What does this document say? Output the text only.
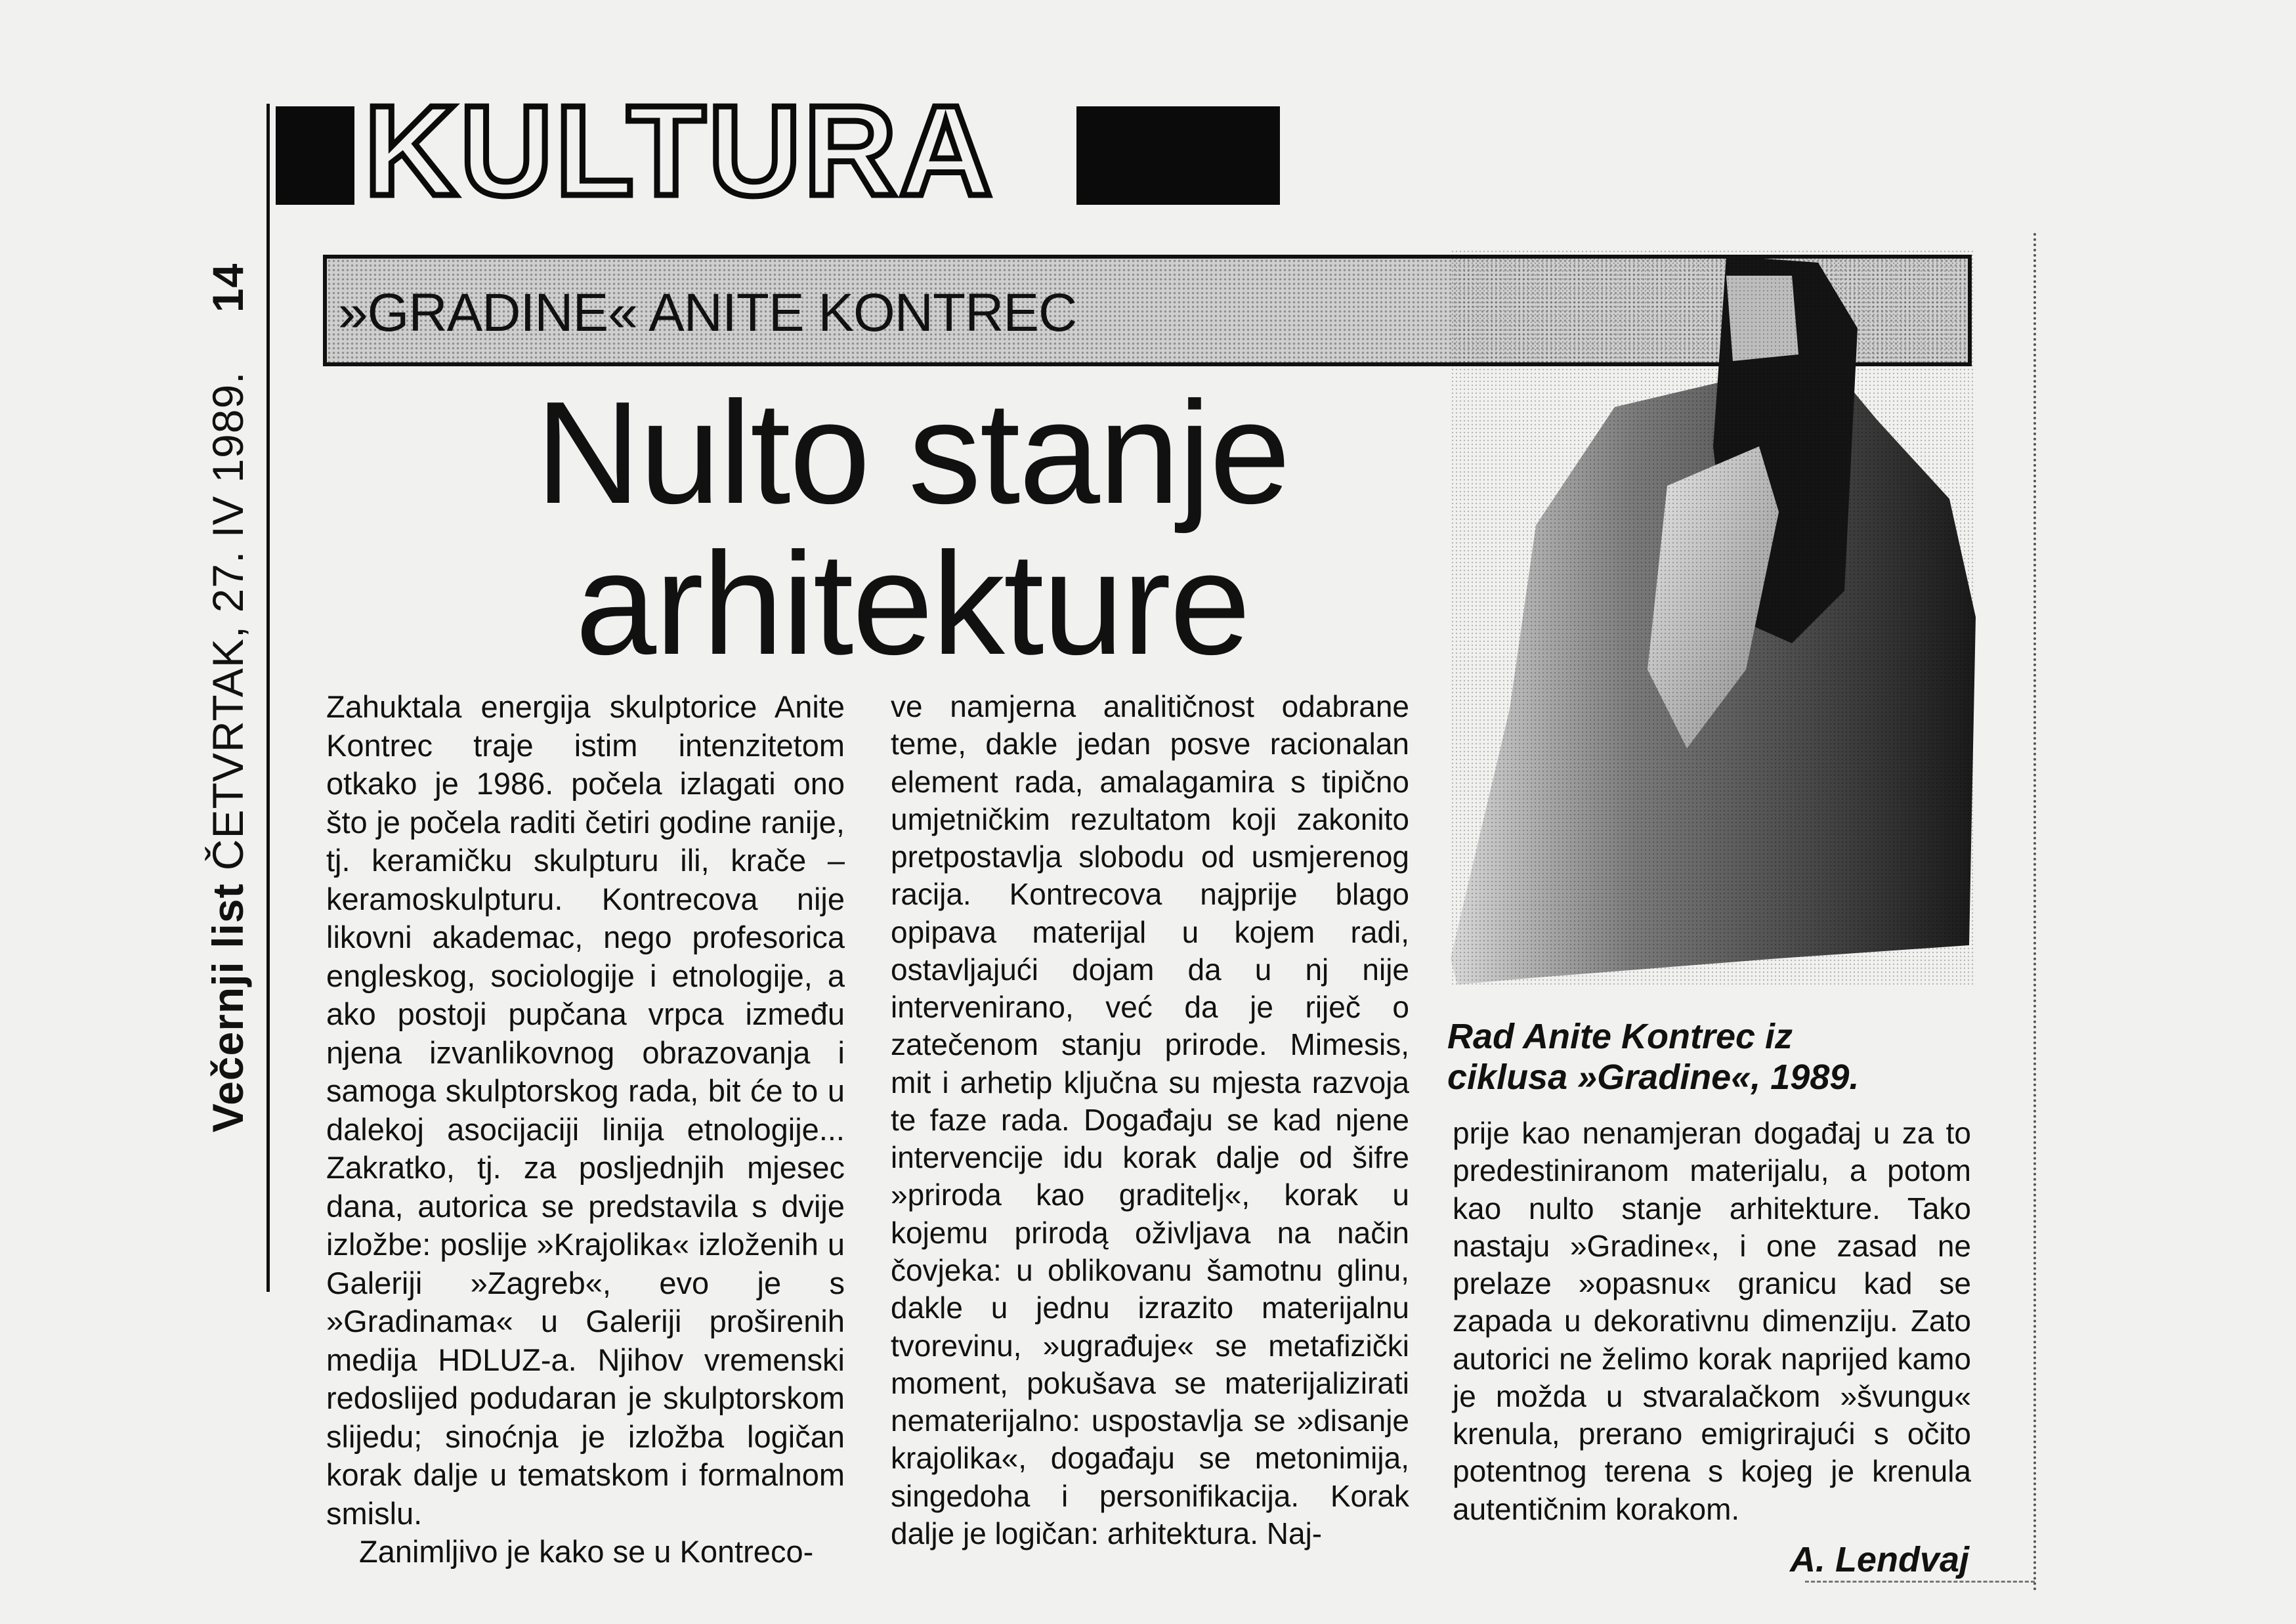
Večernji list ČETVRTAK, 27. IV 1989. 14
KULTURA
»GRADINE« ANITE KONTREC
Nulto stanje
arhitekture
Rad Anite Kontrec iz
ciklusa »Gradine«, 1989.

Zahuktala energija skulptorice Anite Kontrec traje istim intenzitetom otkako je 1986. počela izlagati ono što je počela raditi četiri godine ranije, tj. keramičku skulpturu ili, krače – keramoskulpturu. Kontrecova nije likovni akademac, nego profesorica engleskog, sociologije i etnologije, a ako postoji pupčana vrpca između njena izvanlikovnog obrazovanja i samoga skulptorskog rada, bit će to u dalekoj asocijaciji linija etnologije... Zakratko, tj. za posljednjih mjesec dana, autorica se predstavila s dvije izložbe: poslije »Krajolika« izloženih u Galeriji »Zagreb«, evo je s »Gradinama« u Galeriji proširenih medija HDLUZ-a. Njihov vremenski redoslijed podudaran je skulptorskom slijedu; sinoćnja je izložba logičan korak dalje u tematskom i formalnom smislu.

Zanimljivo je kako se u Kontreco-

ve namjerna analitičnost odabrane teme, dakle jedan posve racionalan element rada, amalagamira s tipično umjetničkim rezultatom koji zakonito pretpostavlja slobodu od usmjerenog racija. Kontrecova najprije blago opipava materijal u kojem radi, ostavljajući dojam da u nj nije intervenirano, već da je riječ o zatečenom stanju prirode. Mimesis, mit i arhetip ključna su mjesta razvoja te faze rada. Događaju se kad njene intervencije idu korak dalje od šifre »priroda kao graditelj«, korak u kojemu prirodą oživljava na način čovjeka: u oblikovanu šamotnu glinu, dakle u jednu izrazito materijalnu tvorevinu, »ugrađuje« se metafizički moment, pokušava se materijalizirati nematerijalno: uspostavlja se »disanje krajolika«, događaju se metonimija, singedoha i personifikacija. Korak dalje je logičan: arhitektura. Naj-

prije kao nenamjeran događaj u za to predestiniranom materijalu, a potom kao nulto stanje arhitekture. Tako nastaju »Gradine«, i one zasad ne prelaze »opasnu« granicu kad se zapada u dekorativnu dimenziju. Zato autorici ne želimo korak naprijed kamo je možda u stvaralačkom »švungu« krenula, prerano emigrirajući s očito potentnog terena s kojeg je krenula autentičnim korakom.

A. Lendvaj
